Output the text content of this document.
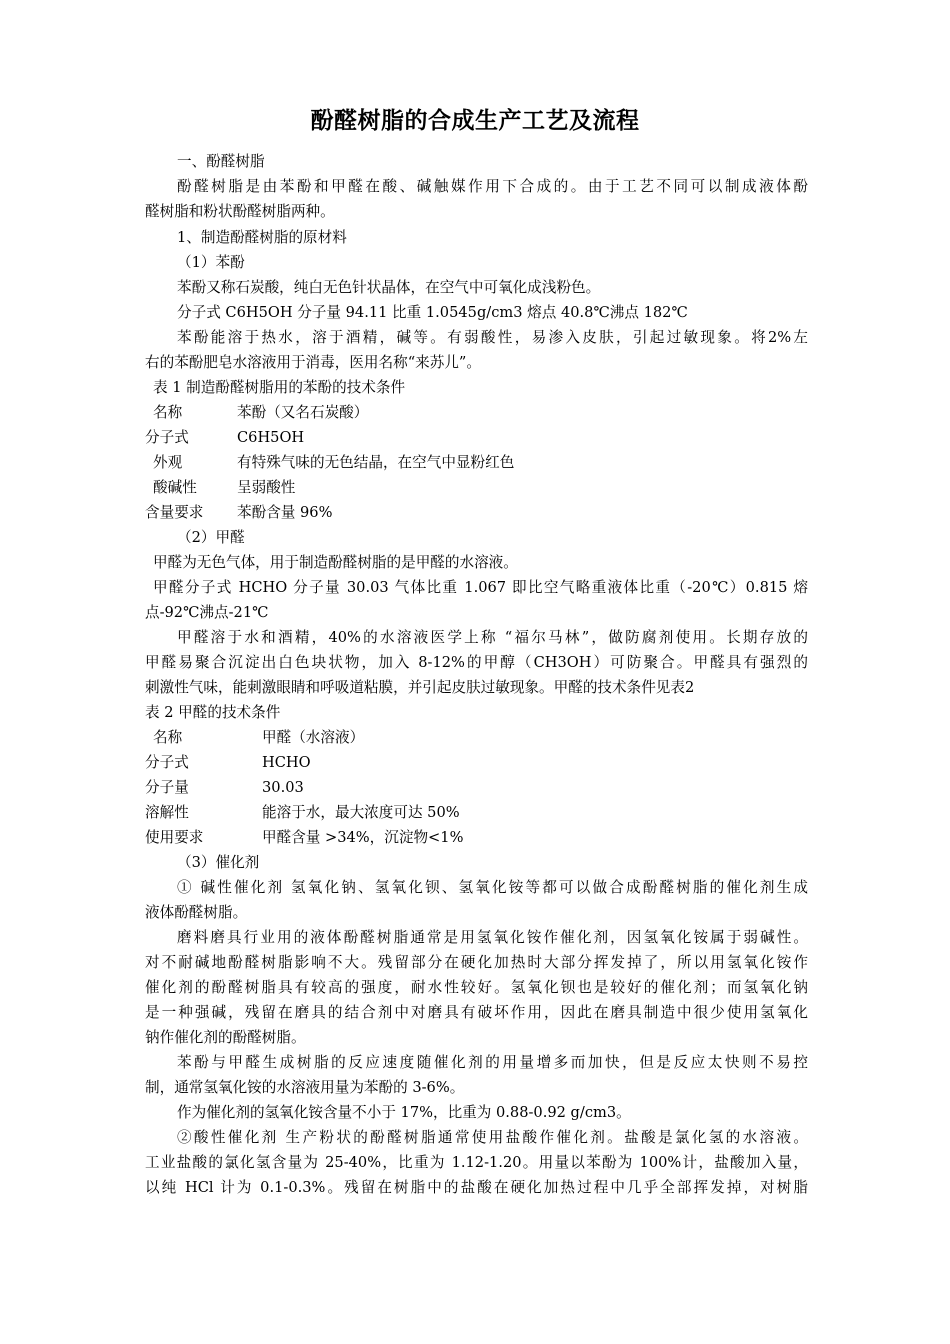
酚醛树脂的合成生产工艺及流程
一、酚醛树脂
酚醛树脂是由苯酚和甲醛在酸、碱触媒作用下合成的。由于工艺不同可以制成液体酚
醛树脂和粉状酚醛树脂两种。
1、制造酚醛树脂的原材料
（1）苯酚
苯酚又称石炭酸，纯白无色针状晶体，在空气中可氧化成浅粉色。
分子式 C6H5OH 分子量 94.11 比重 1.0545g/cm3 熔点 40.8℃沸点 182℃
苯酚能溶于热水，溶于酒精，碱等。有弱酸性，易渗入皮肤，引起过敏现象。将2%左
右的苯酚肥皂水溶液用于消毒，医用名称“来苏儿”。
表 1 制造酚醛树脂用的苯酚的技术条件
名称	苯酚（又名石炭酸）
分子式	C6H5OH
外观	有特殊气味的无色结晶，在空气中显粉红色
酸碱性	呈弱酸性
含量要求 苯酚含量 96%
（2）甲醛
甲醛为无色气体，用于制造酚醛树脂的是甲醛的水溶液。
甲醛分子式 HCHO 分子量 30.03 气体比重 1.067 即比空气略重液体比重（-20℃）0.815 熔
点-92℃沸点-21℃
甲醛溶于水和酒精，40%的水溶液医学上称 “福尔马林”，做防腐剂使用。长期存放的
甲醛易聚合沉淀出白色块状物，加入 8-12%的甲醇（CH3OH）可防聚合。甲醛具有强烈的
刺激性气味，能刺激眼睛和呼吸道粘膜，并引起皮肤过敏现象。甲醛的技术条件见表2
表 2 甲醛的技术条件
名称	甲醛（水溶液）
分子式	HCHO
分子量	30.03
溶解性	能溶于水，最大浓度可达 50%
使用要求	甲醛含量 >34%，沉淀物<1%
（3）催化剂
① 碱性催化剂 氢氧化钠、氢氧化钡、氢氧化铵等都可以做合成酚醛树脂的催化剂生成
液体酚醛树脂。
磨料磨具行业用的液体酚醛树脂通常是用氢氧化铵作催化剂，因氢氧化铵属于弱碱性。
对不耐碱地酚醛树脂影响不大。残留部分在硬化加热时大部分挥发掉了，所以用氢氧化铵作
催化剂的酚醛树脂具有较高的强度，耐水性较好。氢氧化钡也是较好的催化剂；而氢氧化钠
是一种强碱，残留在磨具的结合剂中对磨具有破坏作用，因此在磨具制造中很少使用氢氧化
钠作催化剂的酚醛树脂。
苯酚与甲醛生成树脂的反应速度随催化剂的用量增多而加快，但是反应太快则不易控
制，通常氢氧化铵的水溶液用量为苯酚的 3-6%。
作为催化剂的氢氧化铵含量不小于 17%，比重为 0.88-0.92 g/cm3。
②酸性催化剂 生产粉状的酚醛树脂通常使用盐酸作催化剂。盐酸是氯化氢的水溶液。
工业盐酸的氯化氢含量为 25-40%，比重为 1.12-1.20。用量以苯酚为 100%计，盐酸加入量，
以纯 HCl 计为 0.1-0.3%。残留在树脂中的盐酸在硬化加热过程中几乎全部挥发掉，对树脂
